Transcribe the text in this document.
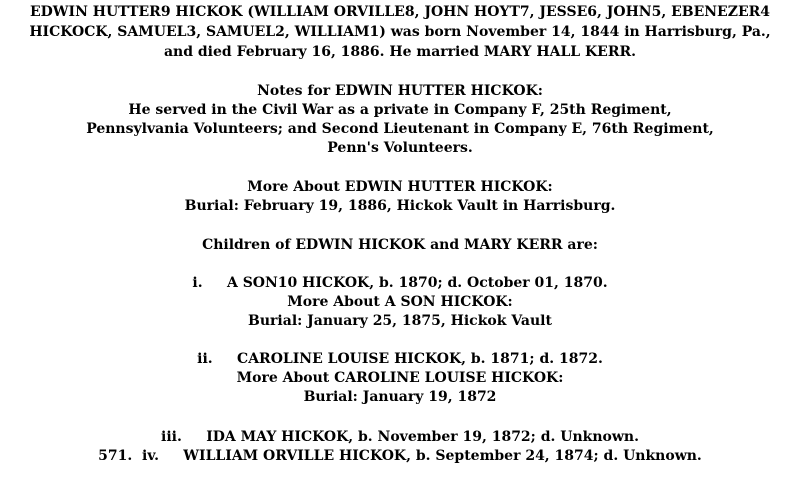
EDWIN HUTTER9 HICKOK (WILLIAM ORVILLE8, JOHN HOYT7, JESSE6, JOHN5, EBENEZER4
HICKOCK, SAMUEL3, SAMUEL2, WILLIAM1) was born November 14, 1844 in Harrisburg, Pa.,
and died February 16, 1886. He married MARY HALL KERR.
Notes for EDWIN HUTTER HICKOK:
He served in the Civil War as a private in Company F, 25th Regiment,
Pennsylvania Volunteers; and Second Lieutenant in Company E, 76th Regiment,
Penn's Volunteers.
More About EDWIN HUTTER HICKOK:
Burial: February 19, 1886, Hickok Vault in Harrisburg.
Children of EDWIN HICKOK and MARY KERR are:
i.     A SON10 HICKOK, b. 1870; d. October 01, 1870.
More About A SON HICKOK:
Burial: January 25, 1875, Hickok Vault
ii.     CAROLINE LOUISE HICKOK, b. 1871; d. 1872.
More About CAROLINE LOUISE HICKOK:
Burial: January 19, 1872
iii.     IDA MAY HICKOK, b. November 19, 1872; d. Unknown.
571.  iv.     WILLIAM ORVILLE HICKOK, b. September 24, 1874; d. Unknown.
